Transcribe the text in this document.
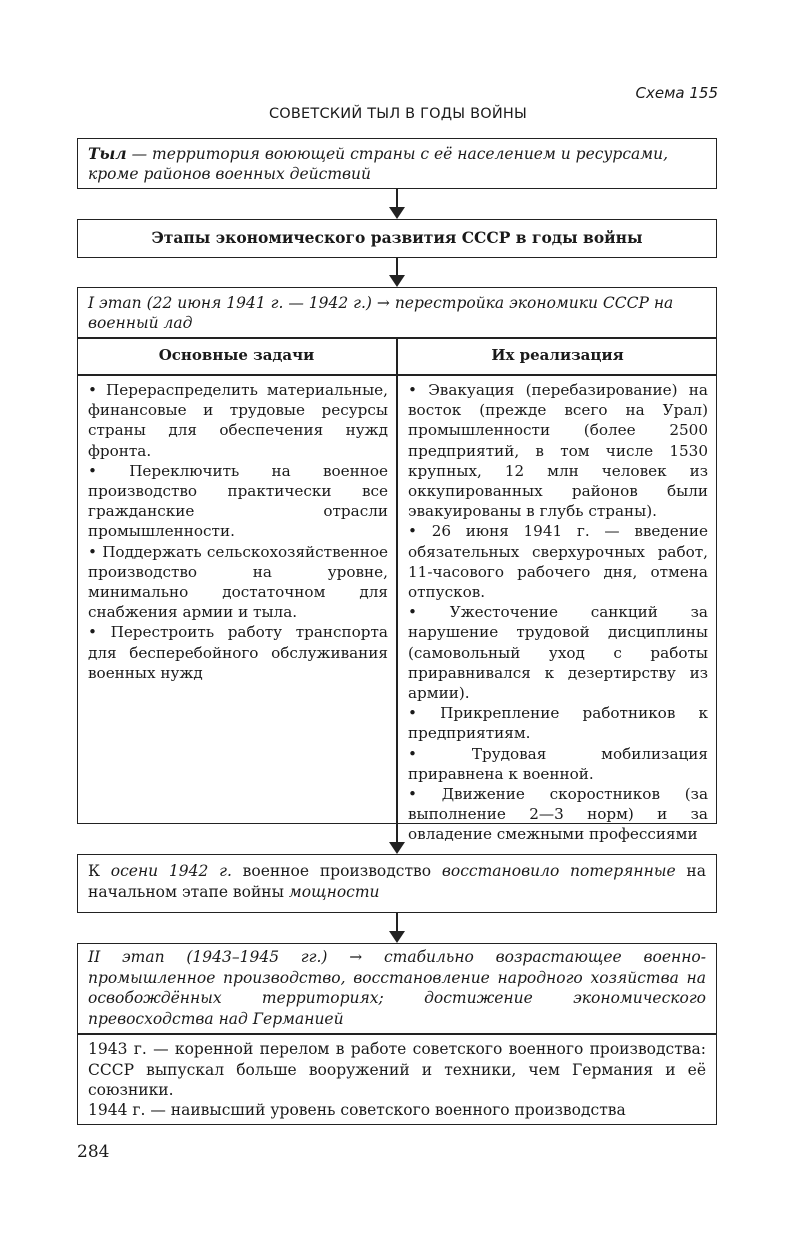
Схема 155
СОВЕТСКИЙ ТЫЛ В ГОДЫ ВОЙНЫ
Тыл — территория воюющей страны с её населением и ресурсами, кроме районов военных действий
Этапы экономического развития СССР в годы войны
I этап (22 июня 1941 г. — 1942 г.) → перестройка экономики СССР на военный лад
Основные задачи	Их реализация
• Перераспределить материальные, финансовые и трудовые ресурсы страны для обеспечения нужд фронта.
• Переключить на военное производство практически все гражданские отрасли промышленности.
• Поддержать сельскохозяйственное производство на уровне, минимально достаточном для снабжения армии и тыла.
• Перестроить работу транспорта для бесперебойного обслуживания военных нужд
• Эвакуация (перебазирование) на восток (прежде всего на Урал) промышленности (более 2500 предприятий, в том числе 1530 крупных, 12 млн человек из оккупированных районов были эвакуированы в глубь страны).
• 26 июня 1941 г. — введение обязательных сверхурочных работ, 11-часового рабочего дня, отмена отпусков.
• Ужесточение санкций за нарушение трудовой дисциплины (самовольный уход с работы приравнивался к дезертирству из армии).
• Прикрепление работников к предприятиям.
• Трудовая мобилизация приравнена к военной.
• Движение скоростников (за выполнение 2—3 норм) и за овладение смежными профессиями
К осени 1942 г. военное производство восстановило потерянные на начальном этапе войны мощности
II этап (1943–1945 гг.) → стабильно возрастающее военно-промышленное производство, восстановление народного хозяйства на освобождённых территориях; достижение экономического превосходства над Германией
1943 г. — коренной перелом в работе советского военного производства: СССР выпускал больше вооружений и техники, чем Германия и её союзники.
1944 г. — наивысший уровень советского военного производства
284
